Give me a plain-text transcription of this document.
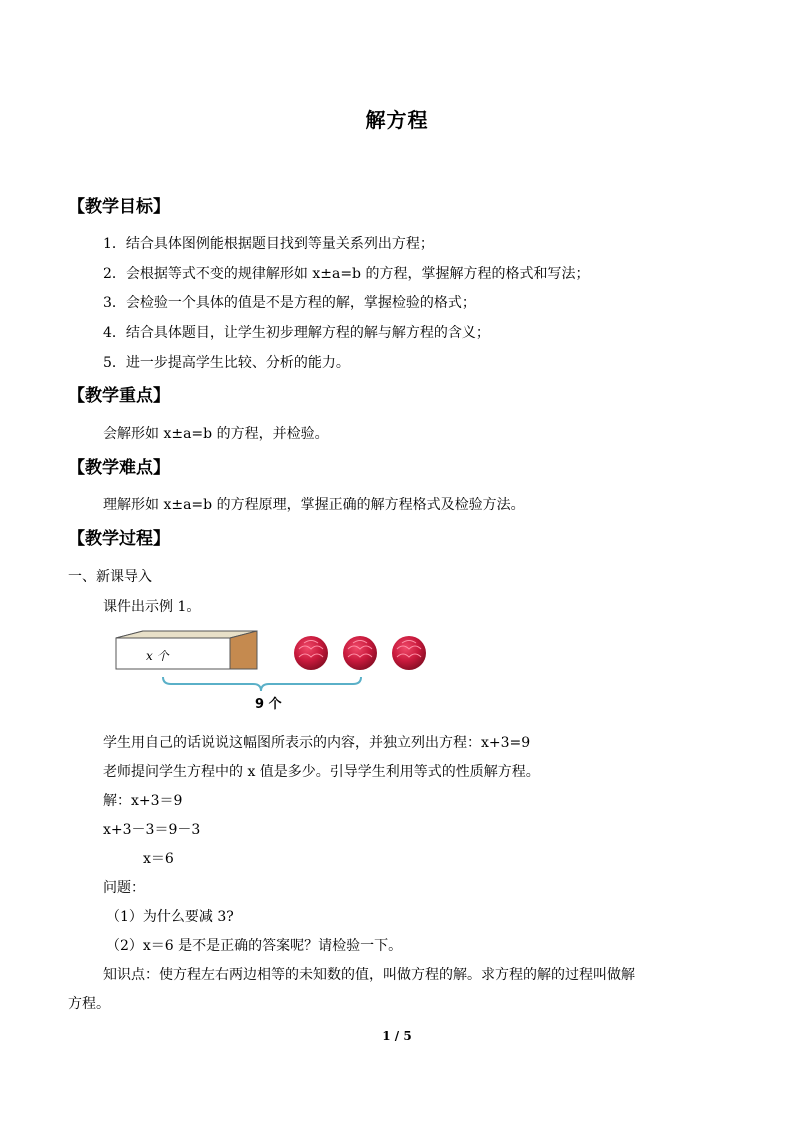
解方程
【教学目标】
1．结合具体图例能根据题目找到等量关系列出方程；
2．会根据等式不变的规律解形如 x±a=b 的方程，掌握解方程的格式和写法；
3．会检验一个具体的值是不是方程的解，掌握检验的格式；
4．结合具体题目，让学生初步理解方程的解与解方程的含义；
5．进一步提高学生比较、分析的能力。
【教学重点】
会解形如 x±a=b 的方程，并检验。
【教学难点】
理解形如 x±a=b 的方程原理，掌握正确的解方程格式及检验方法。
【教学过程】
一、新课导入
课件出示例 1。
x 个
9 个
学生用自己的话说说这幅图所表示的内容，并独立列出方程：x+3=9
老师提问学生方程中的 x 值是多少。引导学生利用等式的性质解方程。
解：x+3＝9
x+3－3＝9－3
x＝6
问题：
（1）为什么要减 3?
（2）x＝6 是不是正确的答案呢？请检验一下。
知识点：使方程左右两边相等的未知数的值，叫做方程的解。求方程的解的过程叫做解
方程。
1 / 5
